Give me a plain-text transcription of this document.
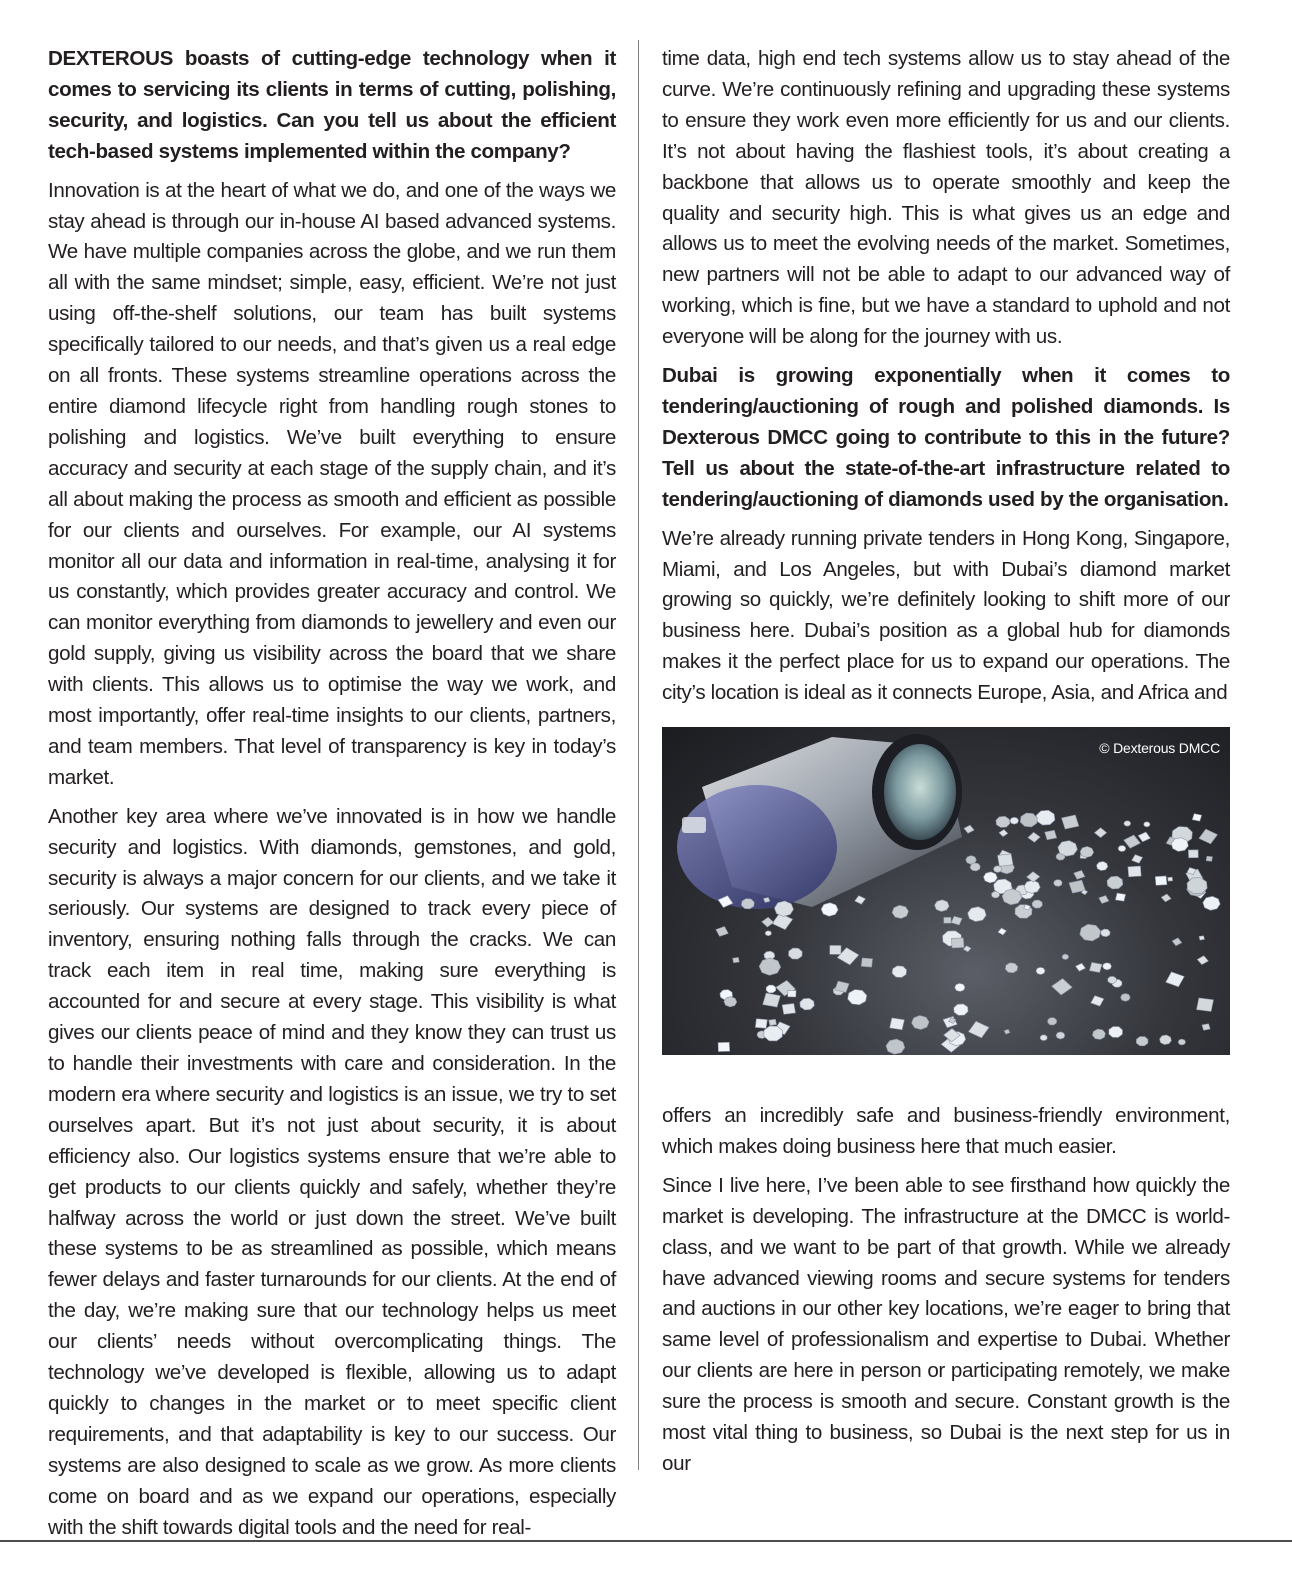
DEXTEROUS boasts of cutting-edge technology when it comes to servicing its clients in terms of cutting, polishing, security, and logistics. Can you tell us about the efficient tech-based systems implemented within the company?

Innovation is at the heart of what we do, and one of the ways we stay ahead is through our in-house AI based advanced systems. We have multiple companies across the globe, and we run them all with the same mindset; simple, easy, efficient. We’re not just using off-the-shelf solutions, our team has built systems specifically tailored to our needs, and that’s given us a real edge on all fronts. These systems streamline operations across the entire diamond lifecycle right from handling rough stones to polishing and logistics. We’ve built everything to ensure accuracy and security at each stage of the supply chain, and it’s all about making the process as smooth and efficient as possible for our clients and ourselves. For example, our AI systems monitor all our data and information in real-time, analysing it for us constantly, which provides greater accuracy and control. We can monitor everything from diamonds to jewellery and even our gold supply, giving us visibility across the board that we share with clients. This allows us to optimise the way we work, and most importantly, offer real-time insights to our clients, partners, and team members. That level of transparency is key in today’s market.

Another key area where we’ve innovated is in how we handle security and logistics. With diamonds, gemstones, and gold, security is always a major concern for our clients, and we take it seriously. Our systems are designed to track every piece of inventory, ensuring nothing falls through the cracks. We can track each item in real time, making sure everything is accounted for and secure at every stage. This visibility is what gives our clients peace of mind and they know they can trust us to handle their investments with care and consideration. In the modern era where security and logistics is an issue, we try to set ourselves apart. But it’s not just about security, it is about efficiency also. Our logistics systems ensure that we’re able to get products to our clients quickly and safely, whether they’re halfway across the world or just down the street. We’ve built these systems to be as streamlined as possible, which means fewer delays and faster turnarounds for our clients. At the end of the day, we’re making sure that our technology helps us meet our clients’ needs without overcomplicating things. The technology we’ve developed is flexible, allowing us to adapt quickly to changes in the market or to meet specific client requirements, and that adaptability is key to our success. Our systems are also designed to scale as we grow. As more clients come on board and as we expand our operations, especially with the shift towards digital tools and the need for real-

time data, high end tech systems allow us to stay ahead of the curve. We’re continuously refining and upgrading these systems to ensure they work even more efficiently for us and our clients. It’s not about having the flashiest tools, it’s about creating a backbone that allows us to operate smoothly and keep the quality and security high. This is what gives us an edge and allows us to meet the evolving needs of the market. Sometimes, new partners will not be able to adapt to our advanced way of working, which is fine, but we have a standard to uphold and not everyone will be along for the journey with us.

Dubai is growing exponentially when it comes to tendering/auctioning of rough and polished diamonds. Is Dexterous DMCC going to contribute to this in the future? Tell us about the state-of-the-art infrastructure related to tendering/auctioning of diamonds used by the organisation.

We’re already running private tenders in Hong Kong, Singapore, Miami, and Los Angeles, but with Dubai’s diamond market growing so quickly, we’re definitely looking to shift more of our business here. Dubai’s position as a global hub for diamonds makes it the perfect place for us to expand our operations. The city’s location is ideal as it connects Europe, Asia, and Africa and

© Dexterous DMCC

offers an incredibly safe and business-friendly environment, which makes doing business here that much easier.

Since I live here, I’ve been able to see firsthand how quickly the market is developing. The infrastructure at the DMCC is world-class, and we want to be part of that growth. While we already have advanced viewing rooms and secure systems for tenders and auctions in our other key locations, we’re eager to bring that same level of professionalism and expertise to Dubai. Whether our clients are here in person or participating remotely, we make sure the process is smooth and secure. Constant growth is the most vital thing to business, so Dubai is the next step for us in our
